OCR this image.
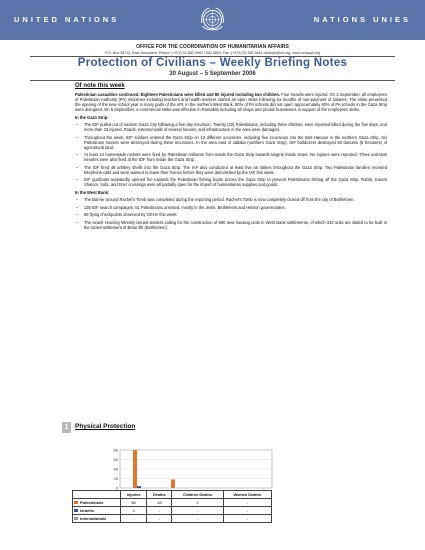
UNITED NATIONS	NATIONS UNIES
OFFICE FOR THE COORDINATION OF HUMANITARIAN AFFAIRS
P.O. Box 38712, East Jerusalem, Phone: (+972) 02-582 9962 / 582 5853, Fax: (+972) 02-582 5841 ochaopt@un.org, www.ochaopt.org
Protection of Civilians – Weekly Briefing Notes
30 August – 5 September 2006
Of note this week

Palestinian casualties continued. Eighteen Palestinians were killed and 80 injured including two children. Four Israelis were injured. On 2 September, all employees of Palestinian Authority (PA) ministries including teachers and health workers started an open strike following six months of non-payment of salaries. The strike prevented the opening of the new school year in many parts of the oPt. In the northern West Bank, 80% of PA schools did not open; approximately 60% of PA schools in the Gaza Strip were disrupted. On 5 September, a commercial strike was effective in Ramallah including all shops and private businesses in support of the employees strike.

In the Gaza Strip:
– The IDF pulled out of eastern Gaza City following a five day incursion. Twenty (20) Palestinians, including three children, were reported killed during the five days, and more than 33 injured. Roads, external walls of several houses, and infrastructure in the area were damaged.
– Throughout the week, IDF soldiers entered the Gaza Strip on 13 different occasions, including five incursions into the Beit Hanoun in the northern Gaza Strip. Six Palestinian houses were destroyed during these incursions. In the area east of Jabalia (northern Gaza Strip), IDF bulldozers destroyed 50 dunums (5 hectares) of agricultural land.
– At least 14 homemade rockets were fired by Palestinian militants from inside the Gaza Strip towards targets inside Israel. No injuries were reported. Three anti-tank missiles were also fired at the IDF from inside the Gaza Strip.
– The IDF fired 48 artillery shells into the Gaza Strip. The IAF also conducted at least five air strikes throughout the Gaza Strip. Two Palestinian families received telephone calls and were warned to leave their homes before they were demolished by the IAF this week.
– IDF gunboats repeatedly opened fire towards the Palestinian fishing boats across the Gaza Strip to prevent Palestinians fishing off the Gaza Strip. Rafah, Karam Shalom, Sufa, and Erez crossings were all partially open for the import of humanitarian supplies and goods.
In the West Bank:
– The Barrier around Rachel's Tomb was completed during the reporting period. Rachel's Tomb is now completely closed off from the city of Bethlehem.
– 135 IDF search campaigns; 51 Palestinians arrested, mostly in the Jenin, Bethlehem and Hebron governorates.
– 99 flying checkpoints observed by OCHA this week.
– The Israeli Housing Ministry issued tenders calling for the construction of 690 new housing units in West Bank settlements, of which 342 units are slated to be built in the Israeli settlement of Betar Illit (Bethlehem).
1	Physical Protection
0
20
40
60
80
	Injuries	Deaths	Children Deaths	Women Deaths
Palestinians	80	18	2	-
Israelis	4	-	-	-
Internationals	-	-	-	-
